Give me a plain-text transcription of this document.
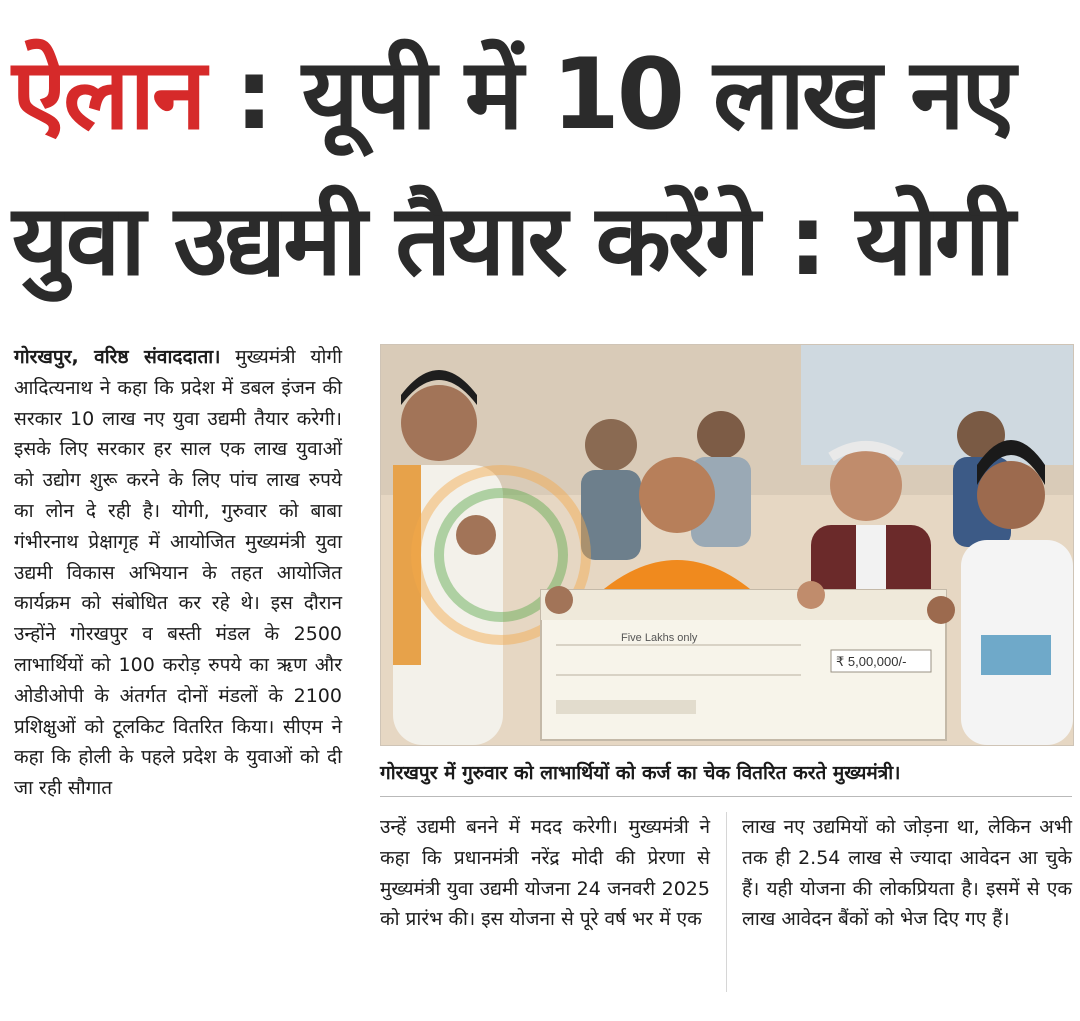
ऐलान : यूपी में 10 लाख नए
युवा उद्यमी तैयार करेंगे : योगी
गोरखपुर, वरिष्ठ संवाददाता। मुख्यमंत्री योगी आदित्यनाथ ने कहा कि प्रदेश में डबल इंजन की सरकार 10 लाख नए युवा उद्यमी तैयार करेगी। इसके लिए सरकार हर साल एक लाख युवाओं को उद्योग शुरू करने के लिए पांच लाख रुपये का लोन दे रही है। योगी, गुरुवार को बाबा गंभीरनाथ प्रेक्षागृह में आयोजित मुख्यमंत्री युवा उद्यमी विकास अभियान के तहत आयोजित कार्यक्रम को संबोधित कर रहे थे। इस दौरान उन्होंने गोरखपुर व बस्ती मंडल के 2500 लाभार्थियों को 100 करोड़ रुपये का ऋण और ओडीओपी के अंतर्गत दोनों मंडलों के 2100 प्रशिक्षुओं को टूलकिट वितरित किया। सीएम ने कहा कि होली के पहले प्रदेश के युवाओं को दी जा रही सौगात
₹ 5,00,000/-
Five Lakhs only
गोरखपुर में गुरुवार को लाभार्थियों को कर्ज का चेक वितरित करते मुख्यमंत्री।
उन्हें उद्यमी बनने में मदद करेगी। मुख्यमंत्री ने कहा कि प्रधानमंत्री नरेंद्र मोदी की प्रेरणा से मुख्यमंत्री युवा उद्यमी योजना 24 जनवरी 2025 को प्रारंभ की। इस योजना से पूरे वर्ष भर में एक
लाख नए उद्यमियों को जोड़ना था, लेकिन अभी तक ही 2.54 लाख से ज्यादा आवेदन आ चुके हैं। यही योजना की लोकप्रियता है। इसमें से एक लाख आवेदन बैंकों को भेज दिए गए हैं।
